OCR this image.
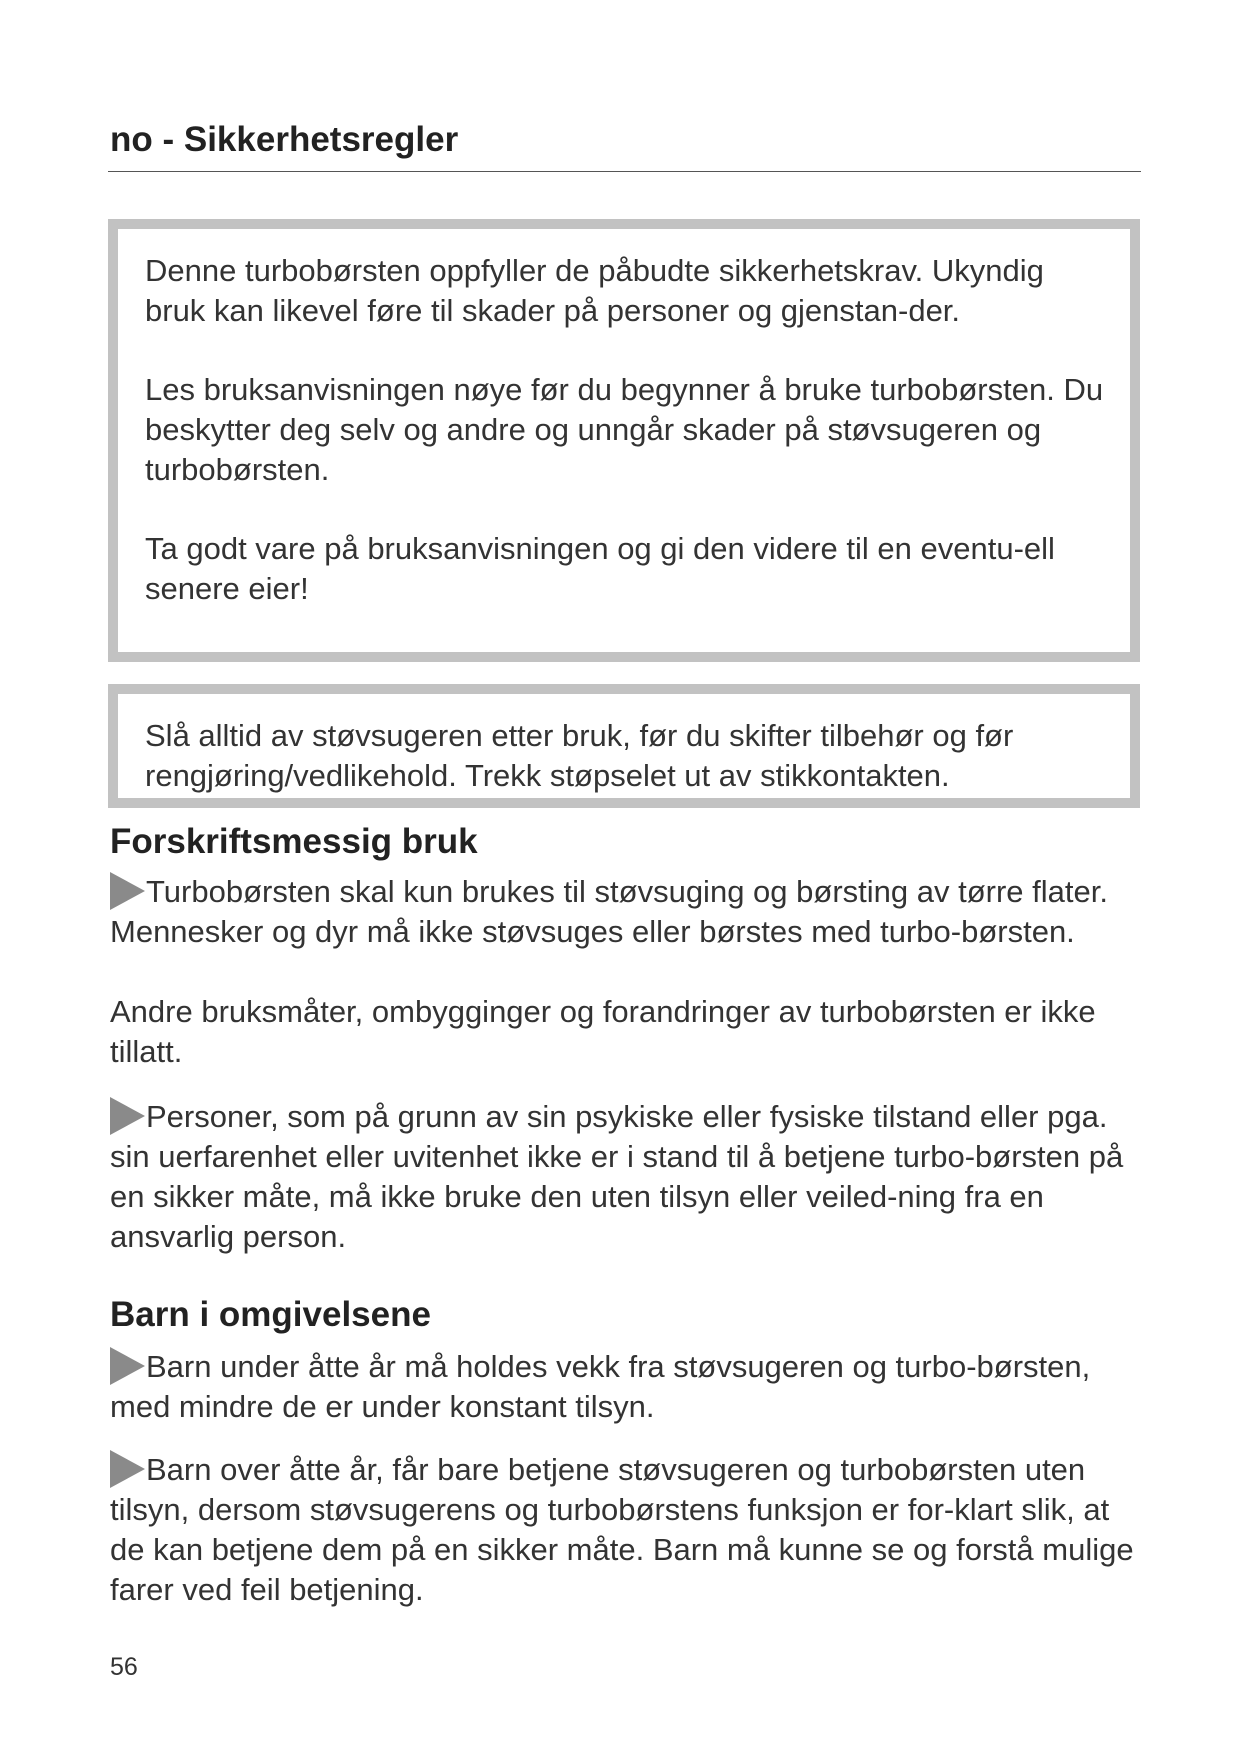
no - Sikkerhetsregler

Denne turbobørsten oppfyller de påbudte sikkerhetskrav. Ukyndig bruk kan likevel føre til skader på personer og gjenstan-der.

Les bruksanvisningen nøye før du begynner å bruke turbobørsten. Du beskytter deg selv og andre og unngår skader på støvsugeren og turbobørsten.

Ta godt vare på bruksanvisningen og gi den videre til en eventu-ell senere eier!

Slå alltid av støvsugeren etter bruk, før du skifter tilbehør og før rengjøring/vedlikehold. Trekk støpselet ut av stikkontakten.

Forskriftsmessig bruk

Turbobørsten skal kun brukes til støvsuging og børsting av tørre flater. Mennesker og dyr må ikke støvsuges eller børstes med turbo-børsten.

Andre bruksmåter, ombygginger og forandringer av turbobørsten er ikke tillatt.

Personer, som på grunn av sin psykiske eller fysiske tilstand eller pga. sin uerfarenhet eller uvitenhet ikke er i stand til å betjene turbo-børsten på en sikker måte, må ikke bruke den uten tilsyn eller veiled-ning fra en ansvarlig person.

Barn i omgivelsene

Barn under åtte år må holdes vekk fra støvsugeren og turbo-børsten, med mindre de er under konstant tilsyn.

Barn over åtte år, får bare betjene støvsugeren og turbobørsten uten tilsyn, dersom støvsugerens og turbobørstens funksjon er for-klart slik, at de kan betjene dem på en sikker måte. Barn må kunne se og forstå mulige farer ved feil betjening.

56
